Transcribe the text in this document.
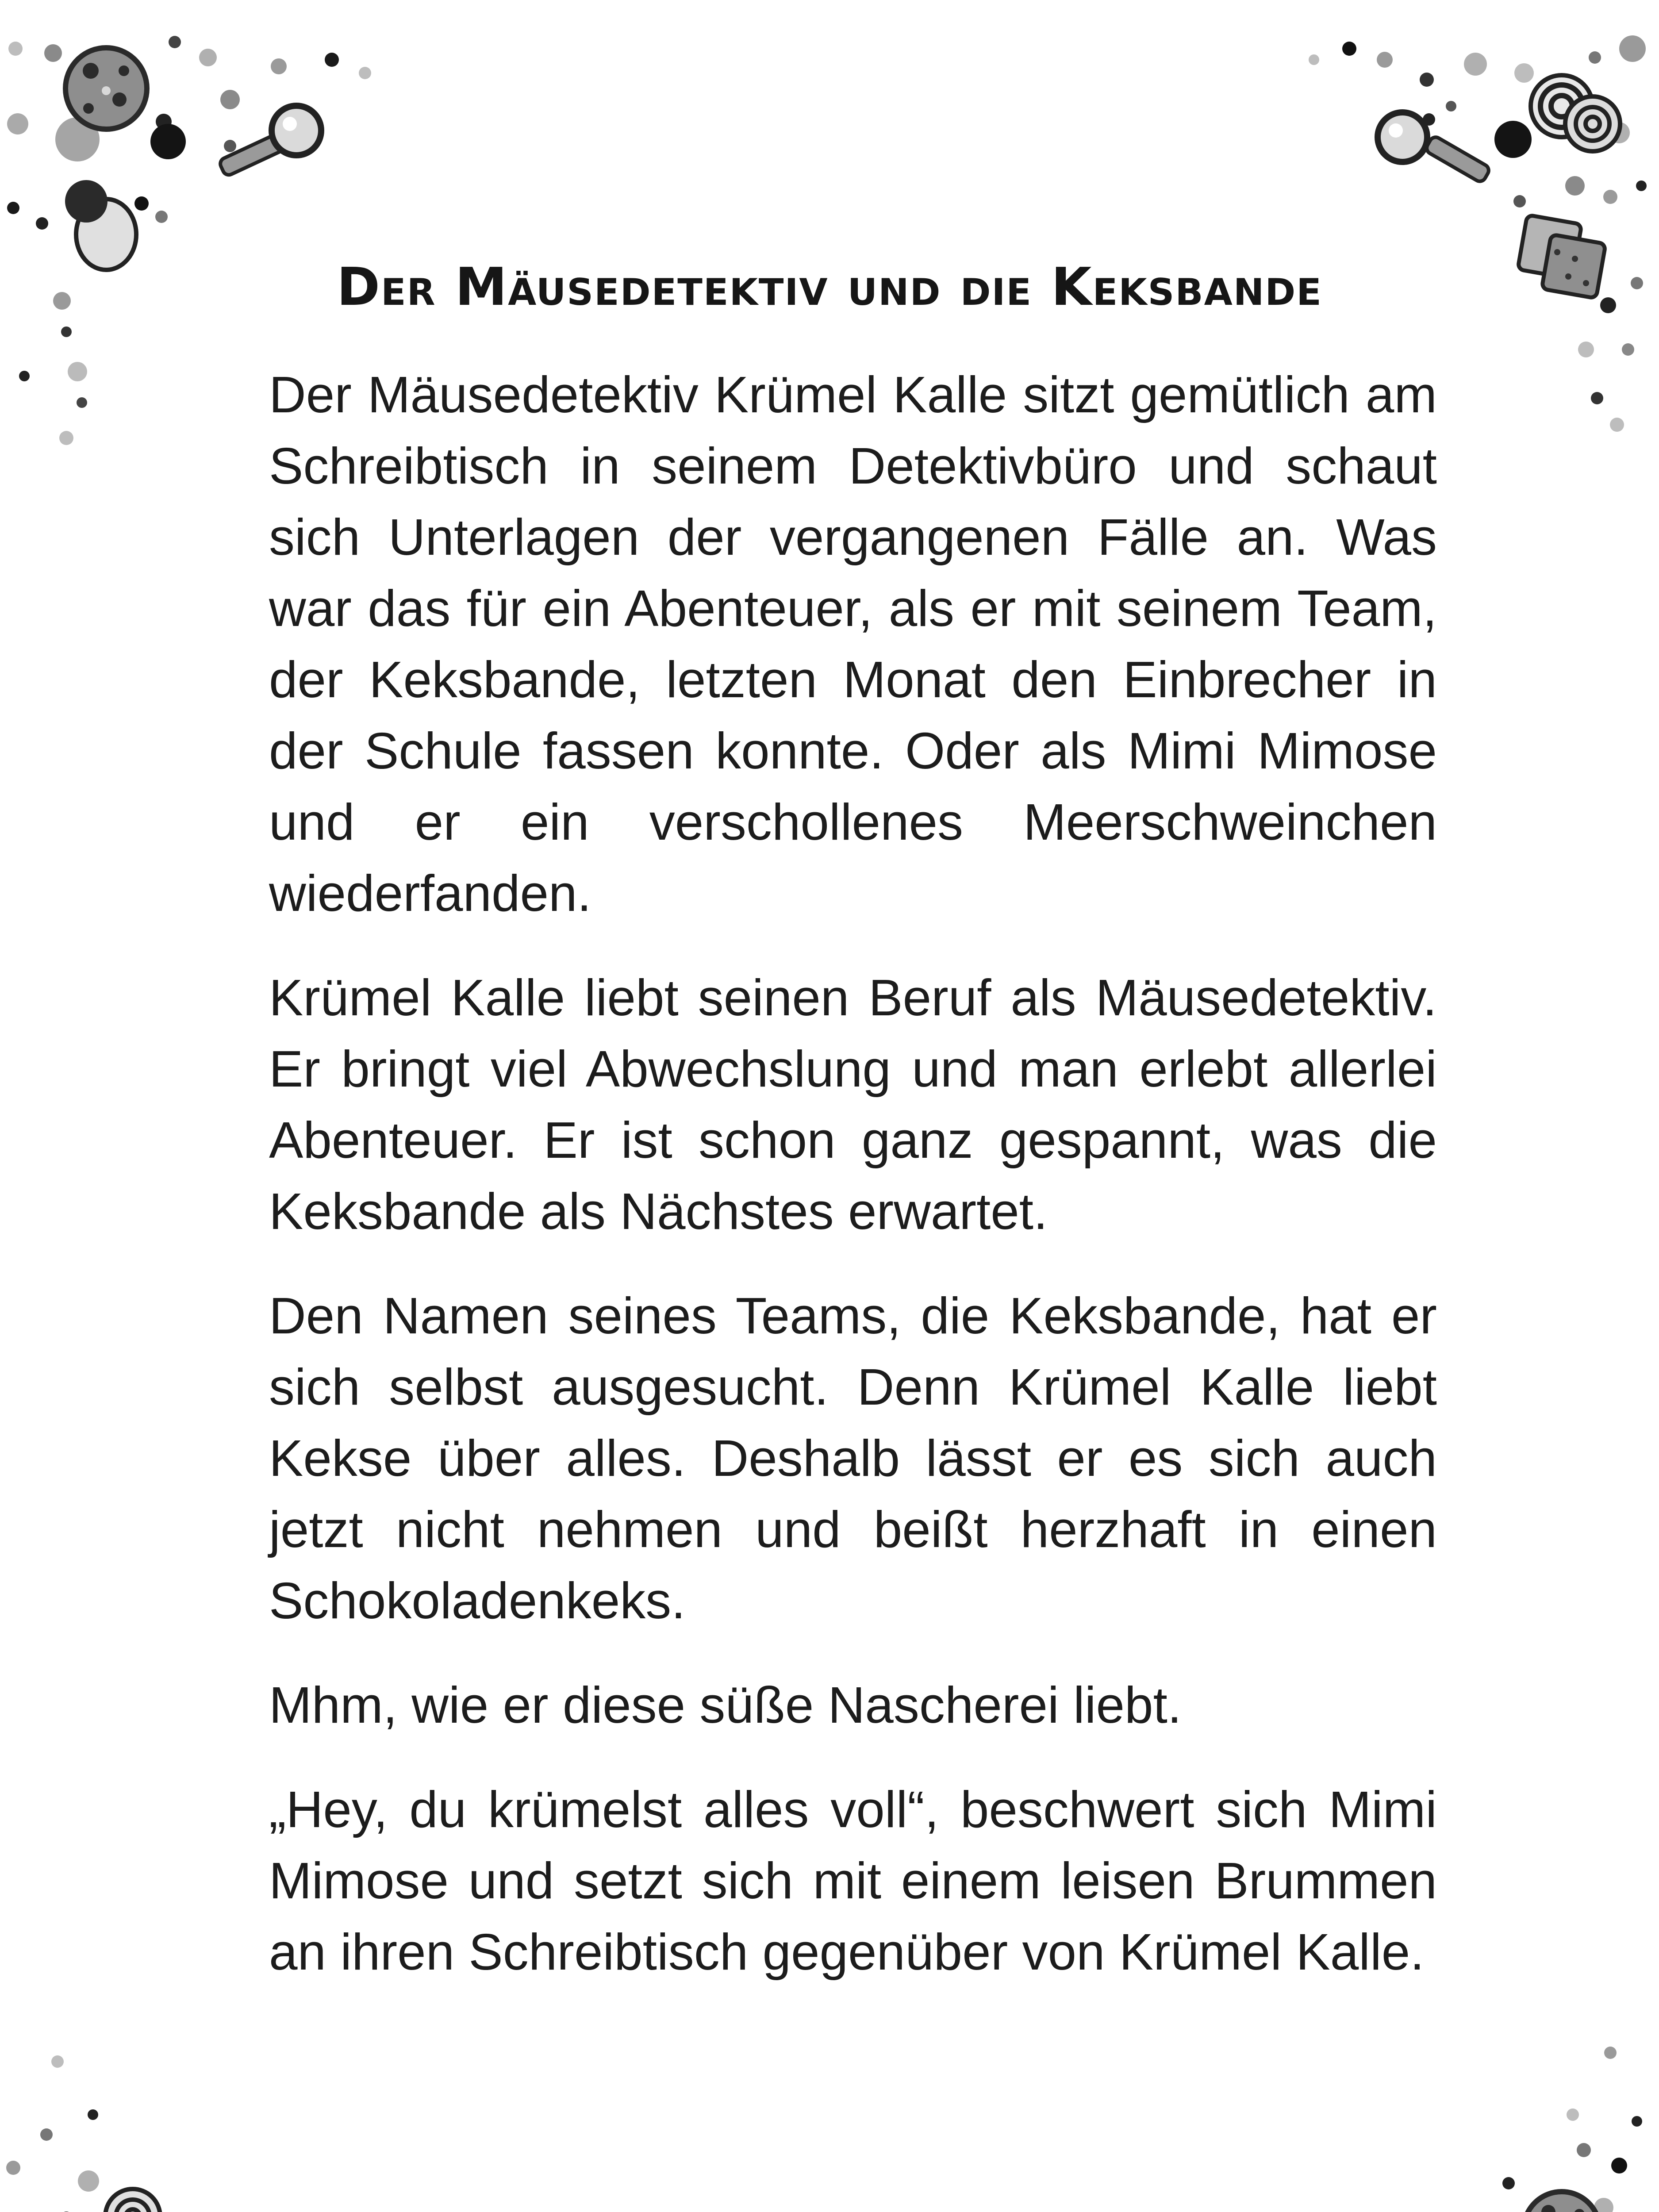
Der Mäusedetektiv und die Keksbande

Der Mäusedetektiv Krümel Kalle sitzt gemütlich am Schreibtisch in seinem Detektivbüro und schaut sich Unterlagen der vergangenen Fälle an. Was war das für ein Abenteuer, als er mit seinem Team, der Keksbande, letzten Monat den Einbrecher in der Schule fassen konnte. Oder als Mimi Mimose und er ein verschollenes Meerschweinchen wiederfanden.

Krümel Kalle liebt seinen Beruf als Mäusedetektiv. Er bringt viel Abwechslung und man erlebt allerlei Abenteuer. Er ist schon ganz gespannt, was die Keksbande als Nächstes erwartet.

Den Namen seines Teams, die Keksbande, hat er sich selbst ausgesucht. Denn Krümel Kalle liebt Kekse über alles. Deshalb lässt er es sich auch jetzt nicht nehmen und beißt herzhaft in einen Schokoladenkeks.

Mhm, wie er diese süße Nascherei liebt.

„Hey, du krümelst alles voll“, beschwert sich Mimi Mimose und setzt sich mit einem leisen Brummen an ihren Schreibtisch gegenüber von Krümel Kalle.
